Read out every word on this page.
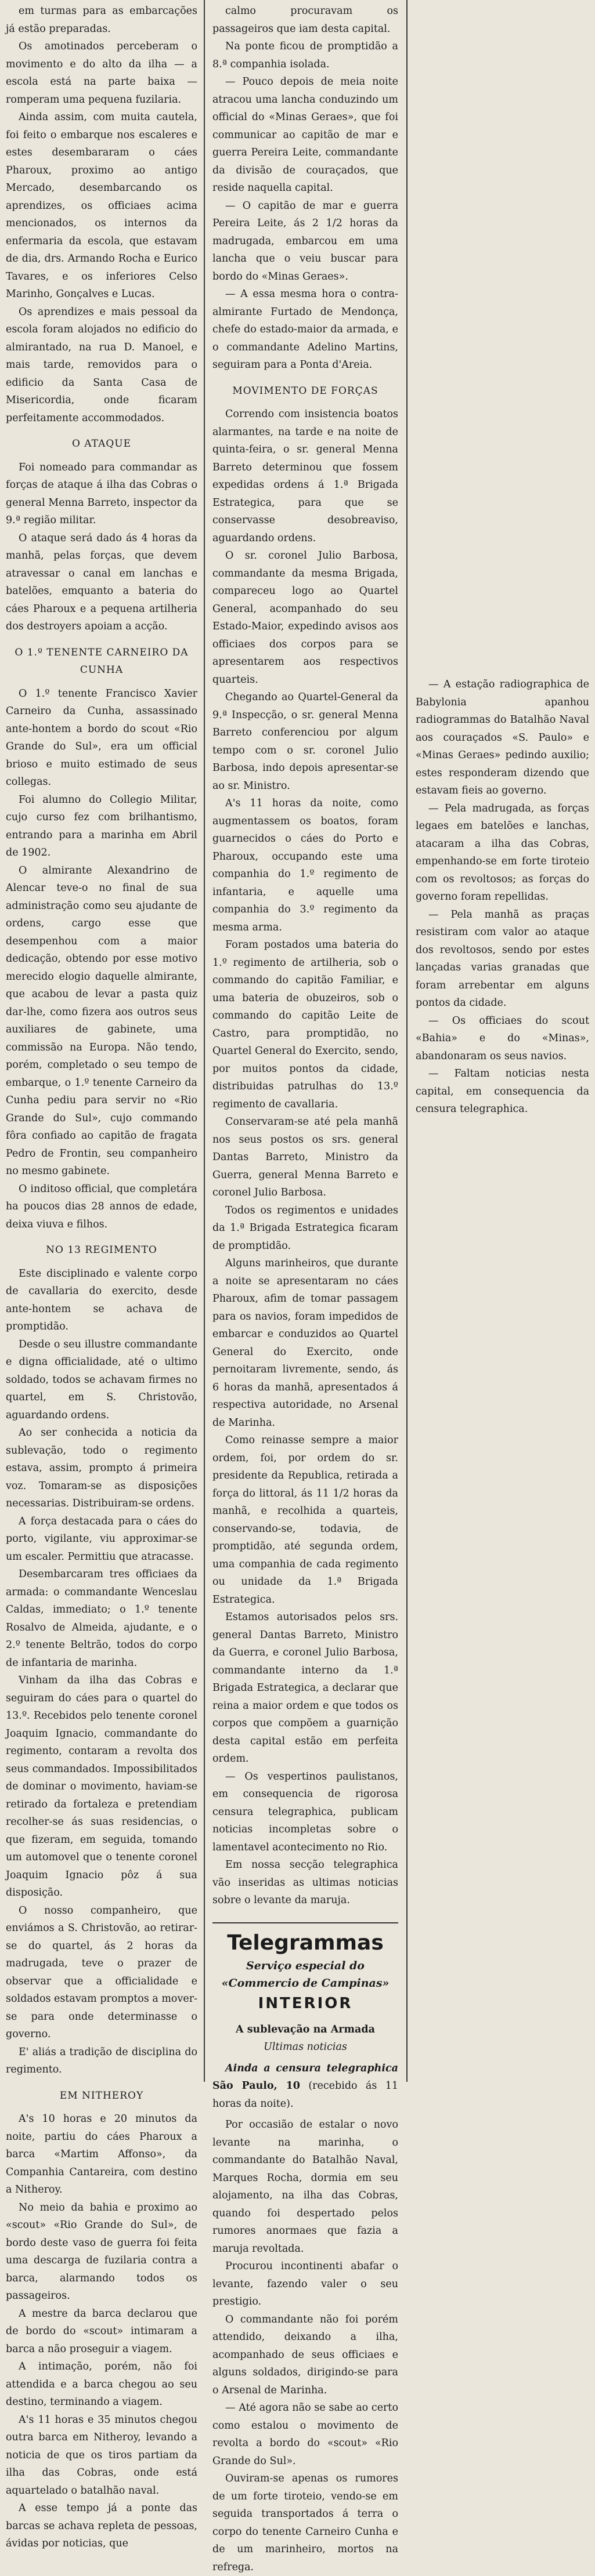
em turmas para as embarcações já estão preparadas.

Os amotinados perceberam o movimento e do alto da ilha — a escola está na parte baixa — romperam uma pequena fuzilaria.

Ainda assim, com muita cautela, foi feito o embarque nos escaleres e estes desembararam o cáes Pharoux, proximo ao antigo Mercado, desembarcando os aprendizes, os officiaes acima mencionados, os internos da enfermaria da escola, que estavam de dia, drs. Armando Rocha e Eurico Tavares, e os inferiores Celso Marinho, Gonçalves e Lucas.

Os aprendizes e mais pessoal da escola foram alojados no edificio do almirantado, na rua D. Manoel, e mais tarde, removidos para o edificio da Santa Casa de Misericordia, onde ficaram perfeitamente accommodados.

O ATAQUE

Foi nomeado para commandar as forças de ataque á ilha das Cobras o general Menna Barreto, inspector da 9.ª região militar.

O ataque será dado ás 4 horas da manhã, pelas forças, que devem atravessar o canal em lanchas e batelões, emquanto a bateria do cáes Pharoux e a pequena artilheria dos destroyers apoiam a acção.

O 1.º TENENTE CARNEIRO DA CUNHA

O 1.º tenente Francisco Xavier Carneiro da Cunha, assassinado ante-hontem a bordo do scout «Rio Grande do Sul», era um official brioso e muito estimado de seus collegas.

Foi alumno do Collegio Militar, cujo curso fez com brilhantismo, entrando para a marinha em Abril de 1902.

O almirante Alexandrino de Alencar teve-o no final de sua administração como seu ajudante de ordens, cargo esse que desempenhou com a maior dedicação, obtendo por esse motivo merecido elogio daquelle almirante, que acabou de levar a pasta quiz dar-lhe, como fizera aos outros seus auxiliares de gabinete, uma commissão na Europa. Não tendo, porém, completado o seu tempo de embarque, o 1.º tenente Carneiro da Cunha pediu para servir no «Rio Grande do Sul», cujo commando fôra confiado ao capitão de fragata Pedro de Frontin, seu companheiro no mesmo gabinete.

O inditoso official, que completára ha poucos dias 28 annos de edade, deixa viuva e filhos.

NO 13 REGIMENTO

Este disciplinado e valente corpo de cavallaria do exercito, desde ante-hontem se achava de promptidão.

Desde o seu illustre commandante e digna officialidade, até o ultimo soldado, todos se achavam firmes no quartel, em S. Christovão, aguardando ordens.

Ao ser conhecida a noticia da sublevação, todo o regimento estava, assim, prompto á primeira voz. Tomaram-se as disposições necessarias. Distribuiram-se ordens.

A força destacada para o cáes do porto, vigilante, viu approximar-se um escaler. Permittiu que atracasse.

Desembarcaram tres officiaes da armada: o commandante Wenceslau Caldas, immediato; o 1.º tenente Rosalvo de Almeida, ajudante, e o 2.º tenente Beltrão, todos do corpo de infantaria de marinha.

Vinham da ilha das Cobras e seguiram do cáes para o quartel do 13.º. Recebidos pelo tenente coronel Joaquim Ignacio, commandante do regimento, contaram a revolta dos seus commandados. Impossibilitados de dominar o movimento, haviam-se retirado da fortaleza e pretendiam recolher-se ás suas residencias, o que fizeram, em seguida, tomando um automovel que o tenente coronel Joaquim Ignacio pôz á sua disposição.

O nosso companheiro, que enviámos a S. Christovão, ao retirar-se do quartel, ás 2 horas da madrugada, teve o prazer de observar que a officialidade e soldados estavam promptos a mover-se para onde determinasse o governo.

E' aliás a tradição de disciplina do regimento.

EM NITHEROY

A's 10 horas e 20 minutos da noite, partiu do cáes Pharoux a barca «Martim Affonso», da Companhia Cantareira, com destino a Nitheroy.

No meio da bahia e proximo ao «scout» «Rio Grande do Sul», de bordo deste vaso de guerra foi feita uma descarga de fuzilaria contra a barca, alarmando todos os passageiros.

A mestre da barca declarou que de bordo do «scout» intimaram a barca a não proseguir a viagem.

A intimação, porém, não foi attendida e a barca chegou ao seu destino, terminando a viagem.

A's 11 horas e 35 minutos chegou outra barca em Nitheroy, levando a noticia de que os tiros partiam da ilha das Cobras, onde está aquartelado o batalhão naval.

A esse tempo já a ponte das barcas se achava repleta de pessoas, ávidas por noticias, que

calmo procuravam os passageiros que iam desta capital.

Na ponte ficou de promptidão a 8.ª companhia isolada.

— Pouco depois de meia noite atracou uma lancha conduzindo um official do «Minas Geraes», que foi communicar ao capitão de mar e guerra Pereira Leite, commandante da divisão de couraçados, que reside naquella capital.

— O capitão de mar e guerra Pereira Leite, ás 2 1/2 horas da madrugada, embarcou em uma lancha que o veiu buscar para bordo do «Minas Geraes».

— A essa mesma hora o contra-almirante Furtado de Mendonça, chefe do estado-maior da armada, e o commandante Adelino Martins, seguiram para a Ponta d'Areia.

MOVIMENTO DE FORÇAS

Correndo com insistencia boatos alarmantes, na tarde e na noite de quinta-feira, o sr. general Menna Barreto determinou que fossem expedidas ordens á 1.ª Brigada Estrategica, para que se conservasse desobreaviso, aguardando ordens.

O sr. coronel Julio Barbosa, commandante da mesma Brigada, compareceu logo ao Quartel General, acompanhado do seu Estado-Maior, expedindo avisos aos officiaes dos corpos para se apresentarem aos respectivos quarteis.

Chegando ao Quartel-General da 9.ª Inspecção, o sr. general Menna Barreto conferenciou por algum tempo com o sr. coronel Julio Barbosa, indo depois apresentar-se ao sr. Ministro.

A's 11 horas da noite, como augmentassem os boatos, foram guarnecidos o cáes do Porto e Pharoux, occupando este uma companhia do 1.º regimento de infantaria, e aquelle uma companhia do 3.º regimento da mesma arma.

Foram postados uma bateria do 1.º regimento de artilheria, sob o commando do capitão Familiar, e uma bateria de obuzeiros, sob o commando do capitão Leite de Castro, para promptidão, no Quartel General do Exercito, sendo, por muitos pontos da cidade, distribuidas patrulhas do 13.º regimento de cavallaria.

Conservaram-se até pela manhã nos seus postos os srs. general Dantas Barreto, Ministro da Guerra, general Menna Barreto e coronel Julio Barbosa.

Todos os regimentos e unidades da 1.ª Brigada Estrategica ficaram de promptidão.

Alguns marinheiros, que durante a noite se apresentaram no cáes Pharoux, afim de tomar passagem para os navios, foram impedidos de embarcar e conduzidos ao Quartel General do Exercito, onde pernoitaram livremente, sendo, ás 6 horas da manhã, apresentados á respectiva autoridade, no Arsenal de Marinha.

Como reinasse sempre a maior ordem, foi, por ordem do sr. presidente da Republica, retirada a força do littoral, ás 11 1/2 horas da manhã, e recolhida a quarteis, conservando-se, todavia, de promptidão, até segunda ordem, uma companhia de cada regimento ou unidade da 1.ª Brigada Estrategica.

Estamos autorisados pelos srs. general Dantas Barreto, Ministro da Guerra, e coronel Julio Barbosa, commandante interno da 1.ª Brigada Estrategica, a declarar que reina a maior ordem e que todos os corpos que compõem a guarnição desta capital estão em perfeita ordem.

— Os vespertinos paulistanos, em consequencia de rigorosa censura telegraphica, publicam noticias incompletas sobre o lamentavel acontecimento no Rio.

Em nossa secção telegraphica vão inseridas as ultimas noticias sobre o levante da maruja.

Telegrammas
Serviço especial do
«Commercio de Campinas»
INTERIOR
A sublevação na Armada
Ultimas noticias

Ainda a censura telegraphica São Paulo, 10 (recebido ás 11 horas da noite).

Por occasião de estalar o novo levante na marinha, o commandante do Batalhão Naval, Marques Rocha, dormia em seu alojamento, na ilha das Cobras, quando foi despertado pelos rumores anormaes que fazia a maruja revoltada.

Procurou incontinenti abafar o levante, fazendo valer o seu prestigio.

O commandante não foi porém attendido, deixando a ilha, acompanhado de seus officiaes e alguns soldados, dirigindo-se para o Arsenal de Marinha.

— Até agora não se sabe ao certo como estalou o movimento de revolta a bordo do «scout» «Rio Grande do Sul».

Ouviram-se apenas os rumores de um forte tiroteio, vendo-se em seguida transportados á terra o corpo do tenente Carneiro Cunha e de um marinheiro, mortos na refrega.

— A estação radiographica de Babylonia apanhou radiogrammas do Batalhão Naval aos couraçados «S. Paulo» e «Minas Geraes» pedindo auxilio; estes responderam dizendo que estavam fieis ao governo.

— Pela madrugada, as forças legaes em batelões e lanchas, atacaram a ilha das Cobras, empenhando-se em forte tiroteio com os revoltosos; as forças do governo foram repellidas.

— Pela manhã as praças resistiram com valor ao ataque dos revoltosos, sendo por estes lançadas varias granadas que foram arrebentar em alguns pontos da cidade.

— Os officiaes do scout «Bahia» e do «Minas», abandonaram os seus navios.

— Faltam noticias nesta capital, em consequencia da censura telegraphica.
